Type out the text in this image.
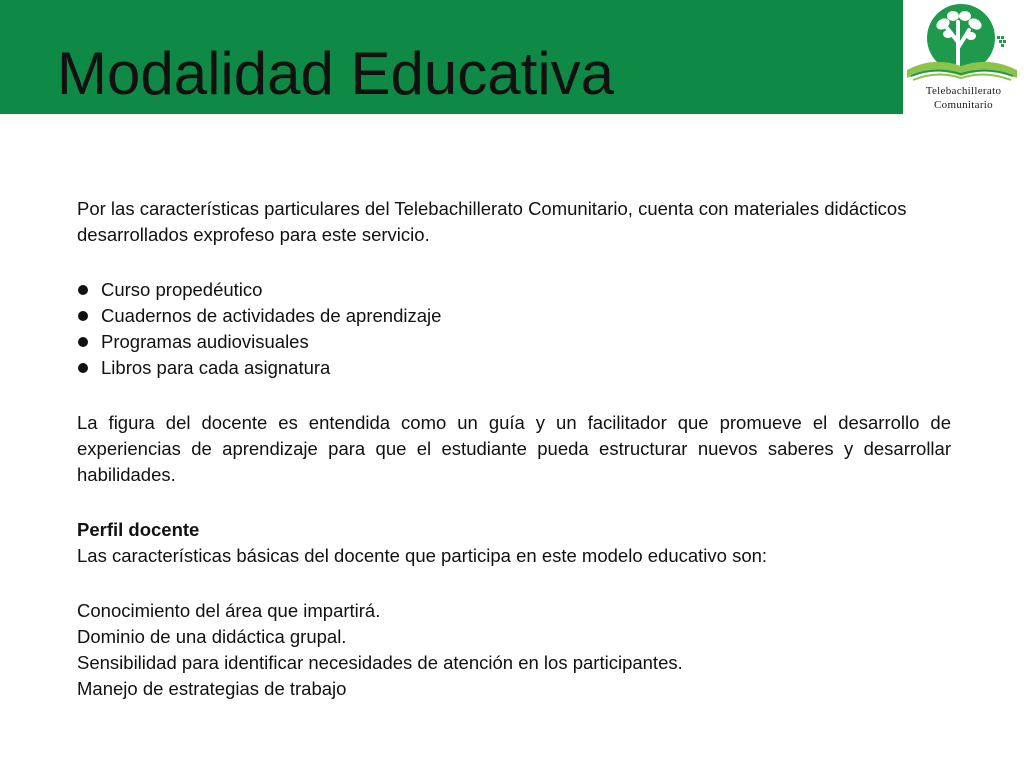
Modalidad Educativa	Telebachillerato
Comunitario

Por las características particulares del Telebachillerato Comunitario, cuenta con materiales didácticos desarrollados exprofeso para este servicio.

Curso propedéutico
Cuadernos de actividades de aprendizaje
Programas audiovisuales
Libros para cada asignatura

La figura del docente es entendida como un guía y un facilitador que promueve el desarrollo de experiencias de aprendizaje para que el estudiante pueda estructurar nuevos saberes y desarrollar habilidades.

Perfil docente

Las características básicas del docente que participa en este modelo educativo son:

Conocimiento del área que impartirá.

Dominio de una didáctica grupal.

Sensibilidad para identificar necesidades de atención en los participantes.

Manejo de estrategias de trabajo
